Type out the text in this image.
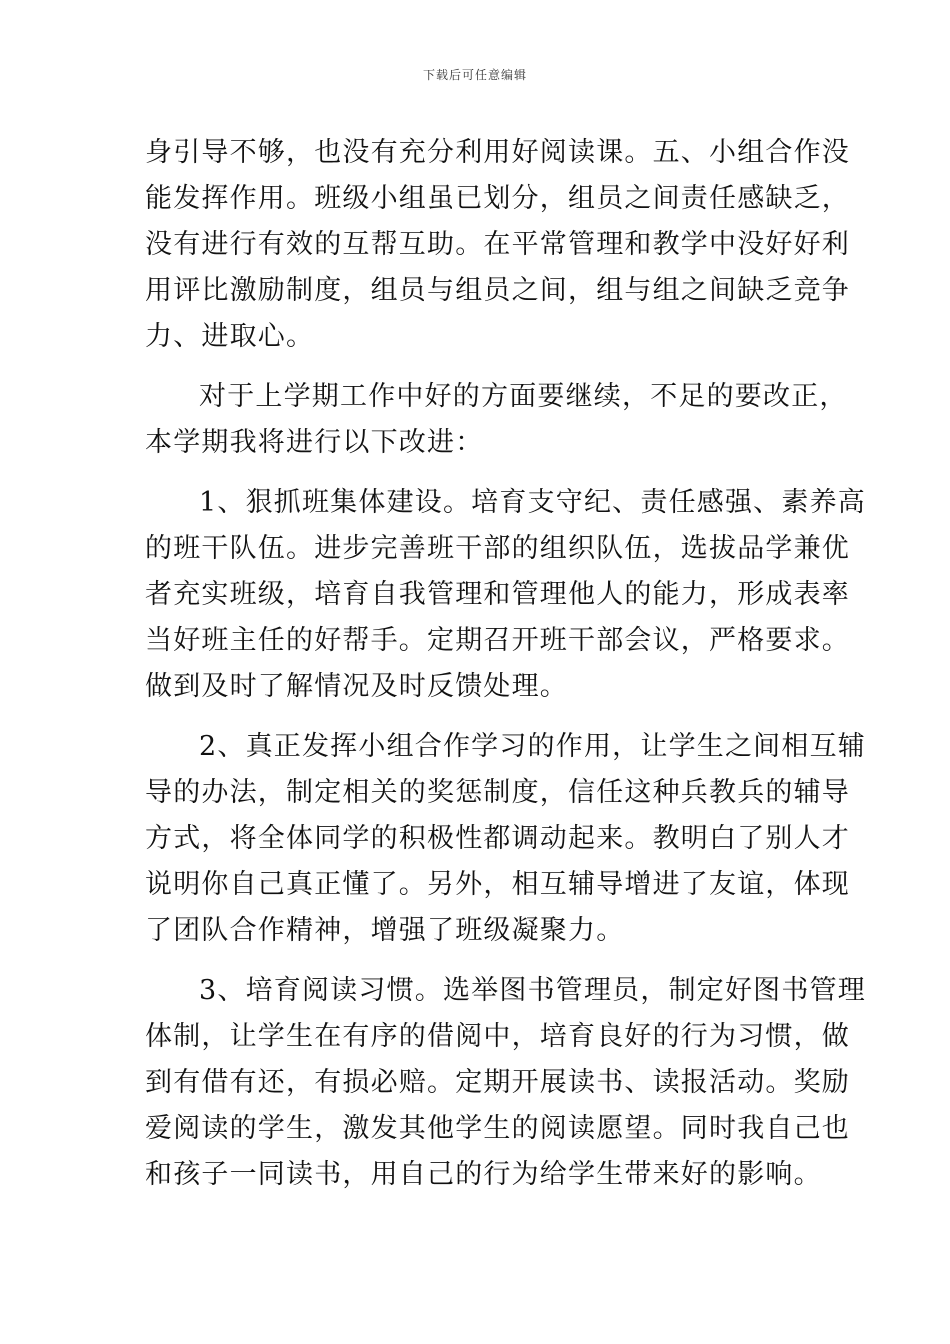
下载后可任意编辑
身引导不够，也没有充分利用好阅读课。五、小组合作没
能发挥作用。班级小组虽已划分，组员之间责任感缺乏，
没有进行有效的互帮互助。在平常管理和教学中没好好利
用评比激励制度，组员与组员之间，组与组之间缺乏竞争
力、进取心。
对于上学期工作中好的方面要继续，不足的要改正，
本学期我将进行以下改进：
1、狠抓班集体建设。培育支守纪、责任感强、素养高
的班干队伍。进步完善班干部的组织队伍，选拔品学兼优
者充实班级，培育自我管理和管理他人的能力，形成表率
当好班主任的好帮手。定期召开班干部会议，严格要求。
做到及时了解情况及时反馈处理。
2、真正发挥小组合作学习的作用，让学生之间相互辅
导的办法，制定相关的奖惩制度，信任这种兵教兵的辅导
方式，将全体同学的积极性都调动起来。教明白了别人才
说明你自己真正懂了。另外，相互辅导增进了友谊，体现
了团队合作精神，增强了班级凝聚力。
3、培育阅读习惯。选举图书管理员，制定好图书管理
体制，让学生在有序的借阅中，培育良好的行为习惯，做
到有借有还，有损必赔。定期开展读书、读报活动。奖励
爱阅读的学生，激发其他学生的阅读愿望。同时我自己也
和孩子一同读书，用自己的行为给学生带来好的影响。
